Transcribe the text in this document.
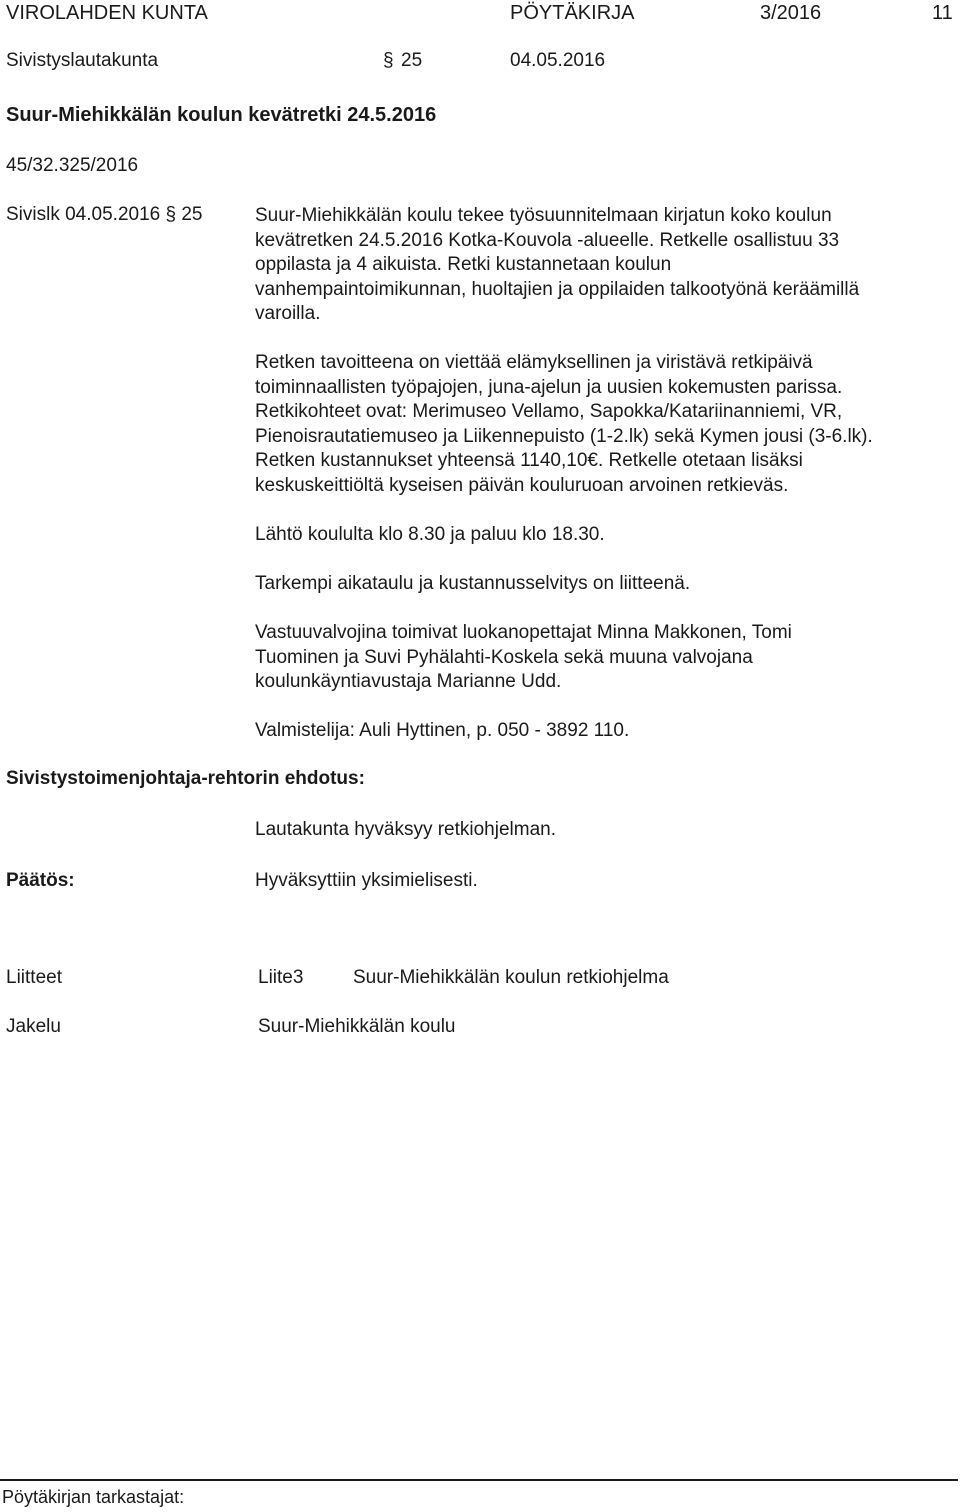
VIROLAHDEN KUNTA	PÖYTÄKIRJA	3/2016	11
Sivistyslautakunta	§ 25	04.05.2016
Suur-Miehikkälän koulun kevätretki 24.5.2016
45/32.325/2016
Sivislk 04.05.2016 § 25	Suur-Miehikkälän koulu tekee työsuunnitelmaan kirjatun koko koulun
kevätretken 24.5.2016 Kotka-Kouvola -alueelle. Retkelle osallistuu 33
oppilasta ja 4 aikuista. Retki kustannetaan koulun
vanhempaintoimikunnan, huoltajien ja oppilaiden talkootyönä keräämillä
varoilla.
Retken tavoitteena on viettää elämyksellinen ja viristävä retkipäivä
toiminnaallisten työpajojen, juna-ajelun ja uusien kokemusten parissa.
Retkikohteet ovat: Merimuseo Vellamo, Sapokka/Katariinanniemi, VR,
Pienoisrautatiemuseo ja Liikennepuisto (1-2.lk) sekä Kymen jousi (3-6.lk).
Retken kustannukset yhteensä 1140,10€. Retkelle otetaan lisäksi
keskuskeittiöltä kyseisen päivän kouluruoan arvoinen retkieväs.
Lähtö koululta klo 8.30 ja paluu klo 18.30.
Tarkempi aikataulu ja kustannusselvitys on liitteenä.
Vastuuvalvojina toimivat luokanopettajat Minna Makkonen, Tomi
Tuominen ja Suvi Pyhälahti-Koskela sekä muuna valvojana
koulunkäyntiavustaja Marianne Udd.
Valmistelija: Auli Hyttinen, p. 050 - 3892 110.
Sivistystoimenjohtaja-rehtorin ehdotus:
Lautakunta hyväksyy retkiohjelman.
Päätös:	Hyväksyttiin yksimielisesti.
Liitteet	Liite3	Suur-Miehikkälän koulun retkiohjelma
Jakelu	Suur-Miehikkälän koulu
Pöytäkirjan tarkastajat:
